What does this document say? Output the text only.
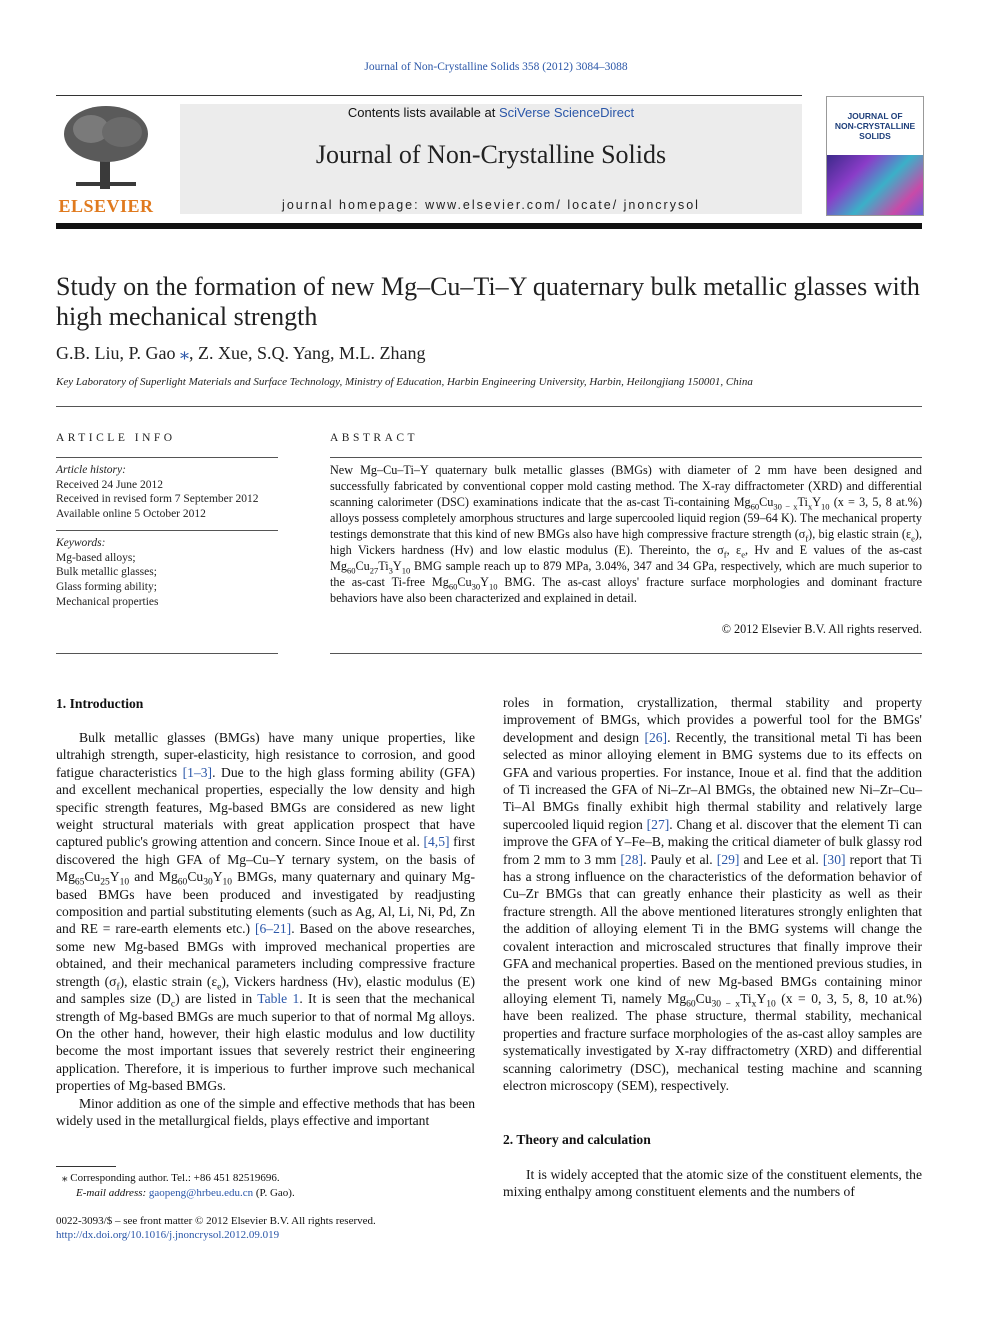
Journal of Non-Crystalline Solids 358 (2012) 3084–3088
ELSEVIER
Contents lists available at SciVerse ScienceDirect
Journal of Non-Crystalline Solids
journal homepage: www.elsevier.com/ locate/ jnoncrysol
JOURNAL OF
NON-CRYSTALLINE SOLIDS
Study on the formation of new Mg–Cu–Ti–Y quaternary bulk metallic glasses with high mechanical strength
G.B. Liu, P. Gao ⁎, Z. Xue, S.Q. Yang, M.L. Zhang
Key Laboratory of Superlight Materials and Surface Technology, Ministry of Education, Harbin Engineering University, Harbin, Heilongjiang 150001, China
ARTICLE INFO
Article history:
Received 24 June 2012
Received in revised form 7 September 2012
Available online 5 October 2012
Keywords:
Mg-based alloys;
Bulk metallic glasses;
Glass forming ability;
Mechanical properties
ABSTRACT
New Mg–Cu–Ti–Y quaternary bulk metallic glasses (BMGs) with diameter of 2 mm have been designed and successfully fabricated by conventional copper mold casting method. The X-ray diffractometer (XRD) and differential scanning calorimeter (DSC) examinations indicate that the as-cast Ti-containing $Mg_{60}Cu_{30 - x}Ti_xY_{10}$ (x = 3, 5, 8 at.%) alloys possess completely amorphous structures and large supercooled liquid region (59–64 K). The mechanical property testings demonstrate that this kind of new BMGs also have high compressive fracture strength $(\sigma_f)$, big elastic strain $(\varepsilon_e)$, high Vickers hardness (Hv) and low elastic modulus (E). Thereinto, the $\sigma_f$, $\varepsilon_e$, Hv and E values of the as-cast $Mg_{60}Cu_{27}Ti_3Y_{10}$ BMG sample reach up to 879 MPa, 3.04%, 347 and 34 GPa, respectively, which are much superior to the as-cast Ti-free $Mg_{60}Cu_{30}Y_{10}$ BMG. The as-cast alloys' fracture surface morphologies and dominant fracture behaviors have also been characterized and explained in detail.
© 2012 Elsevier B.V. All rights reserved.
1. Introduction

Bulk metallic glasses (BMGs) have many unique properties, like ultrahigh strength, super-elasticity, high resistance to corrosion, and good fatigue characteristics [1–3]. Due to the high glass forming ability (GFA) and excellent mechanical properties, especially the low density and high specific strength features, Mg-based BMGs are considered as new light weight structural materials with great application prospect that have captured public's growing attention and concern. Since Inoue et al. [4,5] first discovered the high GFA of Mg–Cu–Y ternary system, on the basis of $Mg_{65}Cu_{25}Y_{10}$ and $Mg_{60}Cu_{30}Y_{10}$ BMGs, many quaternary and quinary Mg-based BMGs have been produced and investigated by readjusting composition and partial substituting elements (such as Ag, Al, Li, Ni, Pd, Zn and RE = rare-earth elements etc.) [6–21]. Based on the above researches, some new Mg-based BMGs with improved mechanical properties are obtained, and their mechanical parameters including compressive fracture strength $(\sigma_f)$, elastic strain $(\varepsilon_e)$, Vickers hardness (Hv), elastic modulus (E) and samples size $(D_c)$ are listed in Table 1. It is seen that the mechanical strength of Mg-based BMGs are much superior to that of normal Mg alloys. On the other hand, however, their high elastic modulus and low ductility become the most important issues that severely restrict their engineering application. Therefore, it is imperious to further improve such mechanical properties of Mg-based BMGs.

Minor addition as one of the simple and effective methods that has been widely used in the metallurgical fields, plays effective and important

roles in formation, crystallization, thermal stability and property improvement of BMGs, which provides a powerful tool for the BMGs' development and design [26]. Recently, the transitional metal Ti has been selected as minor alloying element in BMG systems due to its effects on GFA and various properties. For instance, Inoue et al. find that the addition of Ti increased the GFA of Ni–Zr–Al BMGs, the obtained new Ni–Zr–Cu–Ti–Al BMGs finally exhibit high thermal stability and relatively large supercooled liquid region [27]. Chang et al. discover that the element Ti can improve the GFA of Y–Fe–B, making the critical diameter of bulk glassy rod from 2 mm to 3 mm [28]. Pauly et al. [29] and Lee et al. [30] report that Ti has a strong influence on the characteristics of the deformation behavior of Cu–Zr BMGs that can greatly enhance their plasticity as well as their fracture strength. All the above mentioned literatures strongly enlighten that the addition of alloying element Ti in the BMG systems will change the covalent interaction and microscaled structures that finally improve their GFA and mechanical properties. Based on the mentioned previous studies, in the present work one kind of new Mg-based BMGs containing minor alloying element Ti, namely $Mg_{60}Cu_{30 - x}Ti_xY_{10}$ (x = 0, 3, 5, 8, 10 at.%) have been realized. The phase structure, thermal stability, mechanical properties and fracture surface morphologies of the as-cast alloy samples are systematically investigated by X-ray diffractometry (XRD) and differential scanning calorimetry (DSC), mechanical testing machine and scanning electron microscopy (SEM), respectively.

2. Theory and calculation

It is widely accepted that the atomic size of the constituent elements, the mixing enthalpy among constituent elements and the numbers of

⁎ Corresponding author. Tel.: +86 451 82519696.
E-mail address: gaopeng@hrbeu.edu.cn (P. Gao).
0022-3093/$ – see front matter © 2012 Elsevier B.V. All rights reserved.
http://dx.doi.org/10.1016/j.jnoncrysol.2012.09.019
